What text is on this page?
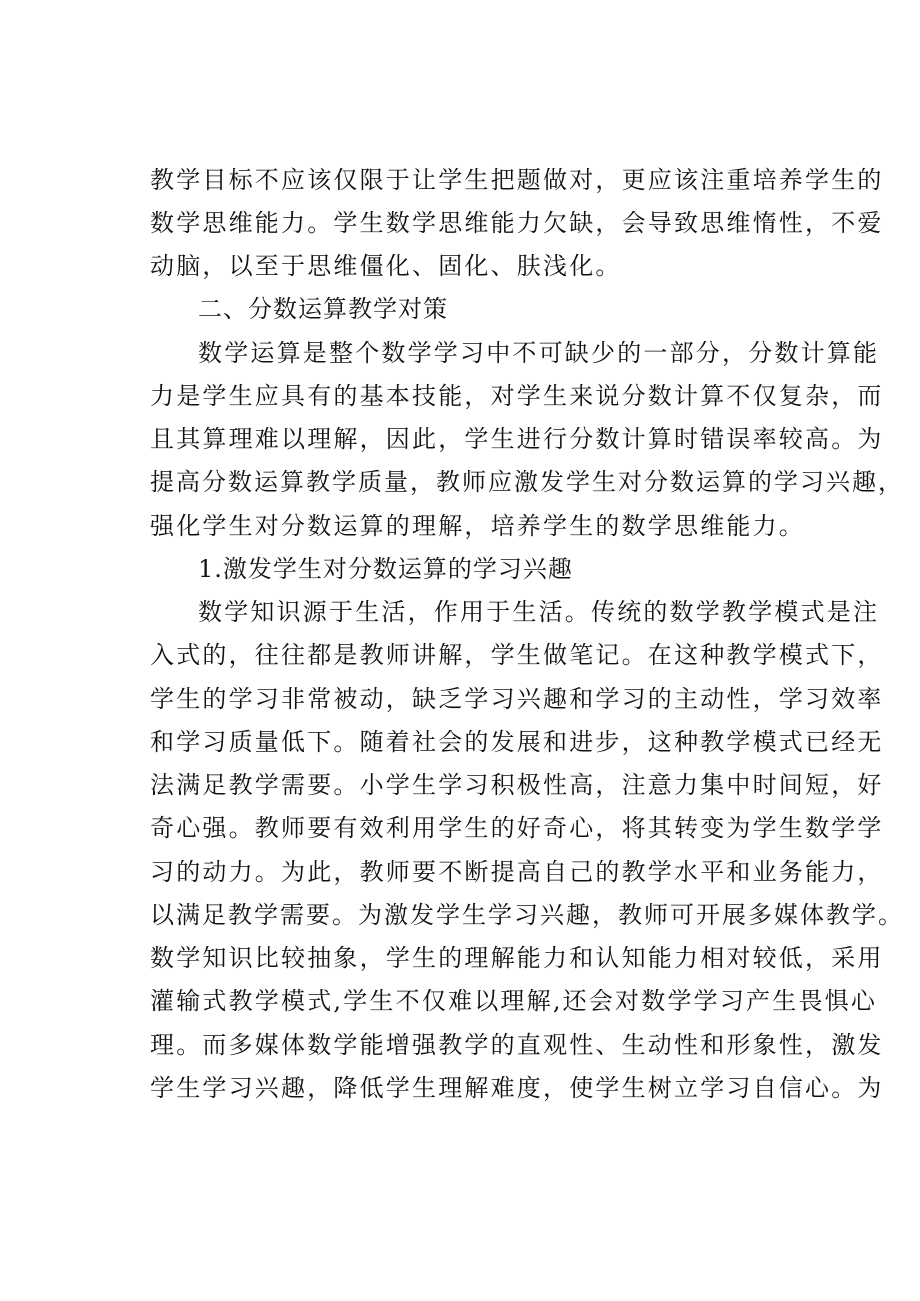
教学目标不应该仅限于让学生把题做对，更应该注重培养学生的
数学思维能力。学生数学思维能力欠缺，会导致思维惰性，不爱
动脑，以至于思维僵化、固化、肤浅化。
二、分数运算教学对策
数学运算是整个数学学习中不可缺少的一部分，分数计算能
力是学生应具有的基本技能，对学生来说分数计算不仅复杂，而
且其算理难以理解，因此，学生进行分数计算时错误率较高。为
提高分数运算教学质量，教师应激发学生对分数运算的学习兴趣，
强化学生对分数运算的理解，培养学生的数学思维能力。
1.激发学生对分数运算的学习兴趣
数学知识源于生活，作用于生活。传统的数学教学模式是注
入式的，往往都是教师讲解，学生做笔记。在这种教学模式下，
学生的学习非常被动，缺乏学习兴趣和学习的主动性，学习效率
和学习质量低下。随着社会的发展和进步，这种教学模式已经无
法满足教学需要。小学生学习积极性高，注意力集中时间短，好
奇心强。教师要有效利用学生的好奇心，将其转变为学生数学学
习的动力。为此，教师要不断提高自己的教学水平和业务能力，
以满足教学需要。为激发学生学习兴趣，教师可开展多媒体教学。
数学知识比较抽象，学生的理解能力和认知能力相对较低，采用
灌输式教学模式,学生不仅难以理解,还会对数学学习产生畏惧心
理。而多媒体数学能增强教学的直观性、生动性和形象性，激发
学生学习兴趣，降低学生理解难度，使学生树立学习自信心。为
